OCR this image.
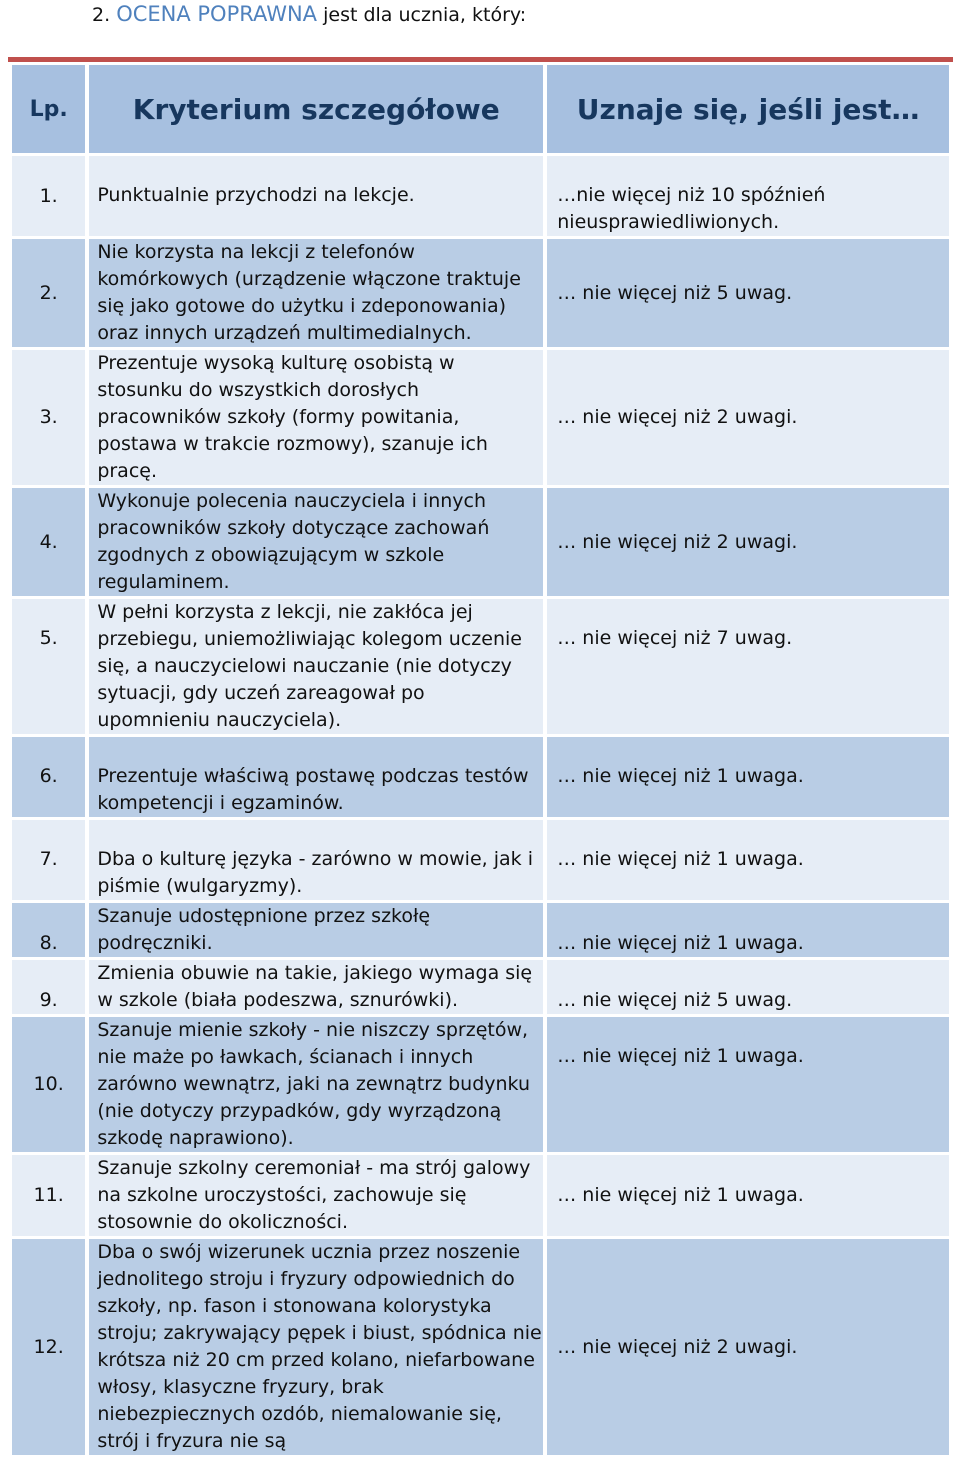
2. OCENA POPRAWNA jest dla ucznia, który:
Lp.	Kryterium szczegółowe	Uznaje się, jeśli jest…
1.	Punktualnie przychodzi na lekcje.	…nie więcej niż 10 spóźnień nieusprawiedliwionych.
2.	Nie korzysta na lekcji z telefonów komórkowych (urządzenie włączone traktuje się jako gotowe do użytku i zdeponowania) oraz innych urządzeń multimedialnych.	… nie więcej niż 5 uwag.
3.	Prezentuje wysoką kulturę osobistą w stosunku do wszystkich dorosłych pracowników szkoły (formy powitania, postawa w trakcie rozmowy), szanuje ich pracę.	… nie więcej niż 2 uwagi.
4.	Wykonuje polecenia nauczyciela i innych pracowników szkoły dotyczące zachowań zgodnych z obowiązującym w szkole regulaminem.	… nie więcej niż 2 uwagi.
5.	W pełni korzysta z lekcji, nie zakłóca jej przebiegu, uniemożliwiając kolegom uczenie się, a nauczycielowi nauczanie (nie dotyczy sytuacji, gdy uczeń zareagował po upomnieniu nauczyciela).	… nie więcej niż 7 uwag.
6.	Prezentuje właściwą postawę podczas testów kompetencji i egzaminów.	… nie więcej niż 1 uwaga.
7.	Dba o kulturę języka - zarówno w mowie, jak i piśmie (wulgaryzmy).	… nie więcej niż 1 uwaga.
8.	Szanuje udostępnione przez szkołę podręczniki.	… nie więcej niż 1 uwaga.
9.	Zmienia obuwie na takie, jakiego wymaga się w szkole (biała podeszwa, sznurówki).	… nie więcej niż 5 uwag.
10.	Szanuje mienie szkoły - nie niszczy sprzętów, nie maże po ławkach, ścianach i innych zarówno wewnątrz, jaki na zewnątrz budynku (nie dotyczy przypadków, gdy wyrządzoną szkodę naprawiono).	… nie więcej niż 1 uwaga.
11.	Szanuje szkolny ceremoniał - ma strój galowy na szkolne uroczystości, zachowuje się stosownie do okoliczności.	… nie więcej niż 1 uwaga.
12.	Dba o swój wizerunek ucznia przez noszenie jednolitego stroju i fryzury odpowiednich do szkoły, np. fason i stonowana kolorystyka stroju; zakrywający pępek i biust, spódnica nie krótsza niż 20 cm przed kolano, niefarbowane włosy, klasyczne fryzury, brak niebezpiecznych ozdób, niemalowanie się, strój i fryzura nie są	… nie więcej niż 2 uwagi.
